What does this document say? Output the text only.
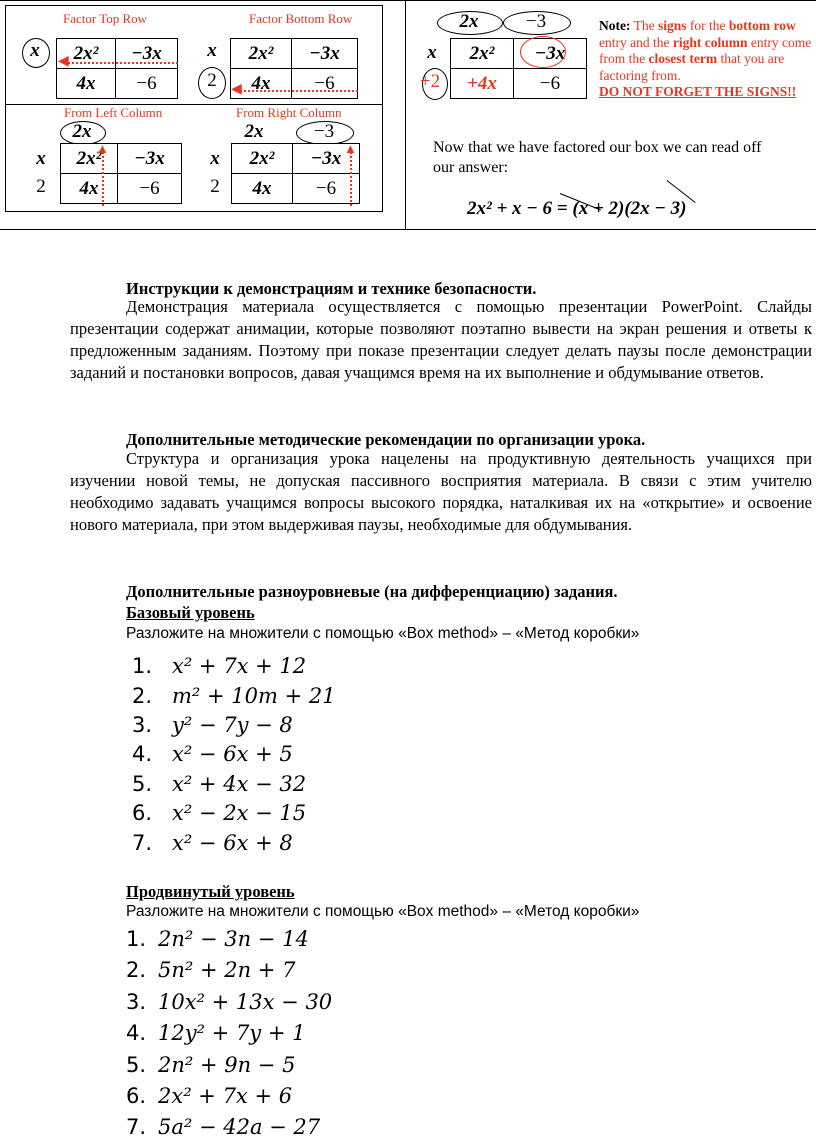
Factor Top Row	Factor Bottom Row
From Left Column	From Right Column
x	2x² −3x
4x −6
◀
x
2
2x² −3x
4x −6
◀
2x
x
2
2x² −3x
4x −6
▲
2x	−3
x
2
2x² −3x
4x −6
▲
2x	−3
x
+2
2x² −3x
+4x −6
Note: The signs for the bottom row entry and the right column entry come from the closest term that you are factoring from.
DO NOT FORGET THE SIGNS!!
Now that we have factored our box we can read off our answer:
2x² + x − 6 = (x + 2)(2x − 3)
Инструкции к демонстрациям и технике безопасности.
Демонстрация материала осуществляется с помощью презентации PowerPoint. Слайды презентации содержат анимации, которые позволяют поэтапно вывести на экран решения и ответы к предложенным заданиям. Поэтому при показе презентации следует делать паузы после демонстрации заданий и постановки вопросов, давая учащимся время на их выполнение и обдумывание ответов.
Дополнительные методические рекомендации по организации урока.
Структура и организация урока нацелены на продуктивную деятельность учащихся при изучении новой темы, не допуская пассивного восприятия материала. В связи с этим учителю необходимо задавать учащимся вопросы высокого порядка, наталкивая их на «открытие» и освоение нового материала, при этом выдерживая паузы, необходимые для обдумывания.
Дополнительные разноуровневые (на дифференциацию) задания.
Базовый уровень
Разложите на множители с помощью «Box method» – «Метод коробки»
1. x² + 7x + 12
2. m² + 10m + 21
3. y² − 7y − 8
4. x² − 6x + 5
5. x² + 4x − 32
6. x² − 2x − 15
7. x² − 6x + 8
Продвинутый уровень
Разложите на множители с помощью «Box method» – «Метод коробки»
1. 2n² − 3n − 14
2. 5n² + 2n + 7
3. 10x² + 13x − 30
4. 12y² + 7y + 1
5. 2n² + 9n − 5
6. 2x² + 7x + 6
7. 5a² − 42a − 27
